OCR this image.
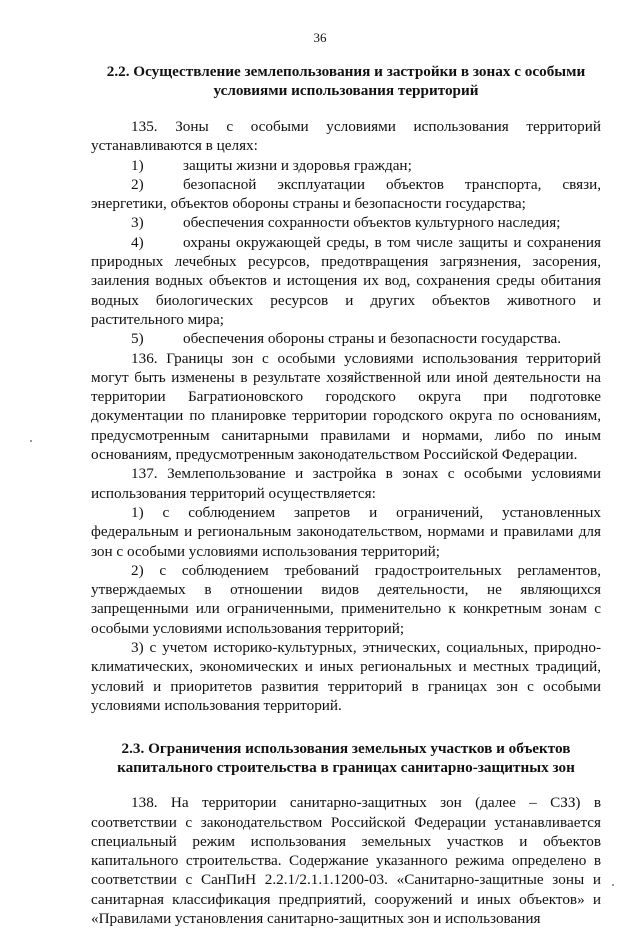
36

2.2. Осуществление землепользования и застройки в зонах с особыми условиями использования территорий

135. Зоны с особыми условиями использования территорий устанавливаются в целях:

1)	защиты жизни и здоровья граждан;

2)	безопасной эксплуатации объектов транспорта, связи, энергетики, объектов обороны страны и безопасности государства;

3)	обеспечения сохранности объектов культурного наследия;

4)	охраны окружающей среды, в том числе защиты и сохранения природных лечебных ресурсов, предотвращения загрязнения, засорения, заиления водных объектов и истощения их вод, сохранения среды обитания водных биологических ресурсов и других объектов животного и растительного мира;

5)	обеспечения обороны страны и безопасности государства.

136. Границы зон с особыми условиями использования территорий могут быть изменены в результате хозяйственной или иной деятельности на территории Багратионовского городского округа при подготовке документации по планировке территории городского округа по основаниям, предусмотренным санитарными правилами и нормами, либо по иным основаниям, предусмотренным законодательством Российской Федерации.

137. Землепользование и застройка в зонах с особыми условиями использования территорий осуществляется:

1) с соблюдением запретов и ограничений, установленных федеральным и региональным законодательством, нормами и правилами для зон с особыми условиями использования территорий;

2) с соблюдением требований градостроительных регламентов, утверждаемых в отношении видов деятельности, не являющихся запрещенными или ограниченными, применительно к конкретным зонам с особыми условиями использования территорий;

3) с учетом историко-культурных, этнических, социальных, природно-климатических, экономических и иных региональных и местных традиций, условий и приоритетов развития территорий в границах зон с особыми условиями использования территорий.

2.3. Ограничения использования земельных участков и объектов капитального строительства в границах санитарно-защитных зон

138. На территории санитарно-защитных зон (далее – СЗЗ) в соответствии с законодательством Российской Федерации устанавливается специальный режим использования земельных участков и объектов капитального строительства. Содержание указанного режима определено в соответствии с СанПиН 2.2.1/2.1.1.1200-03. «Санитарно-защитные зоны и санитарная классификация предприятий, сооружений и иных объектов» и «Правилами установления санитарно-защитных зон и использования
